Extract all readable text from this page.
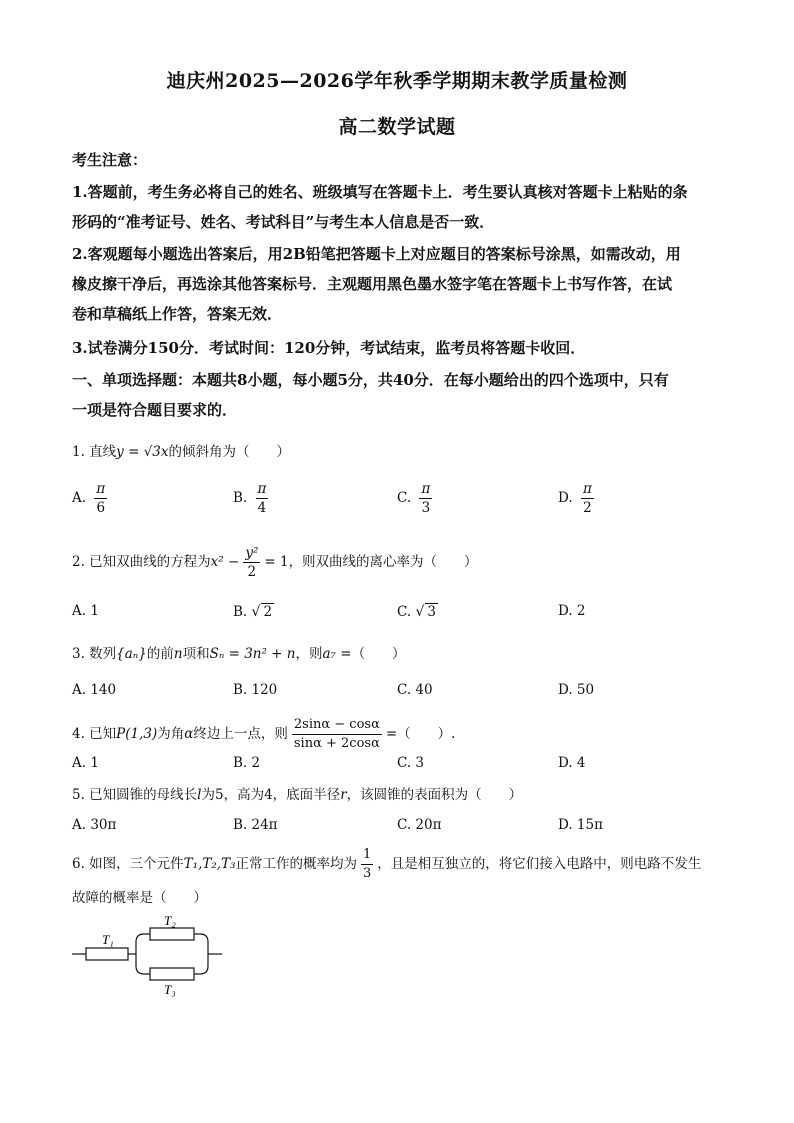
迪庆州2025—2026学年秋季学期期末教学质量检测
高二数学试题
考生注意：
1.答题前，考生务必将自己的姓名、班级填写在答题卡上．考生要认真核对答题卡上粘贴的条
形码的“准考证号、姓名、考试科目”与考生本人信息是否一致．
2.客观题每小题选出答案后，用2B铅笔把答题卡上对应题目的答案标号涂黑，如需改动，用
橡皮擦干净后，再选涂其他答案标号．主观题用黑色墨水签字笔在答题卡上书写作答，在试
卷和草稿纸上作答，答案无效．
3.试卷满分150分．考试时间：120分钟，考试结束，监考员将答题卡收回．
一、单项选择题：本题共8小题，每小题5分，共40分．在每小题给出的四个选项中，只有
一项是符合题目要求的．
1. 直线y = √3x的倾斜角为（　　）
A. $\frac{\pi}{6}$	B. $\frac{\pi}{4}$	C. $\frac{\pi}{3}$	D. $\frac{\pi}{2}$
2. 已知双曲线的方程为$x^2 - \frac{\text{y²}}{2} = 1$，则双曲线的离心率为（　　）
A. 1	B. √ 2	C. √ 3	D. 2
3. 数列{aₙ}的前n项和Sₙ = 3n² + n，则a₇ =（　　）
A. 140	B. 120	C. 40	D. 50
4. 已知P(1,3)为角α终边上一点，则 $\frac{2\sin\alpha - \cos\alpha}{\sin\alpha + 2\cos\alpha}$ =（　　）.
A. 1	B. 2	C. 3	D. 4
5. 已知圆锥的母线长l为5，高为4，底面半径r，该圆锥的表面积为（　　）
A. 30π	B. 24π	C. 20π	D. 15π
6. 如图，三个元件T₁,T₂,T₃正常工作的概率均为 $\frac{1}{3}$ ，且是相互独立的，将它们接入电路中，则电路不发生
故障的概率是（　　）
T₁
T₂
T₃
